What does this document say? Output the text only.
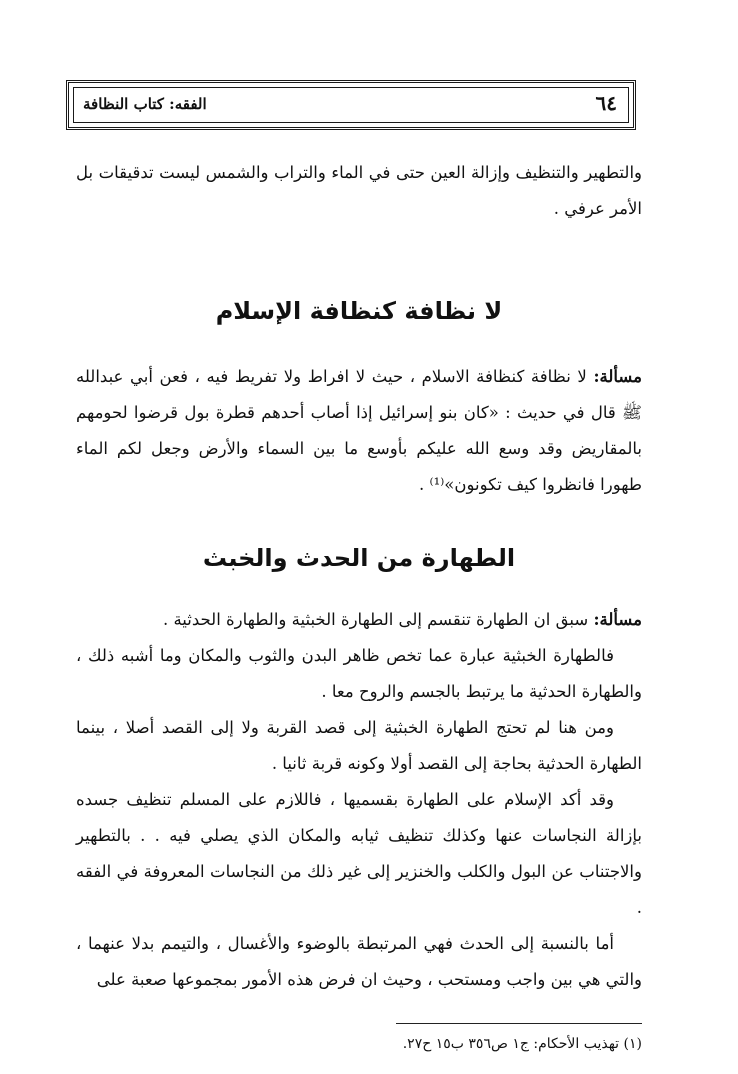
الفقه: كتاب النظافة	٦٤

والتطهير والتنظيف وإزالة العين حتى في الماء والتراب والشمس ليست تدقيقات بل الأمر عرفي .

لا نظافة كنظافة الإسلام

مسألة: لا نظافة كنظافة الاسلام ، حيث لا افراط ولا تفريط فيه ، فعن أبي عبدالله ﷺ قال في حديث : «كان بنو إسرائيل إذا أصاب أحدهم قطرة بول قرضوا لحومهم بالمقاريض وقد وسع الله عليكم بأوسع ما بين السماء والأرض وجعل لكم الماء طهورا فانظروا كيف تكونون»⁽¹⁾ .

الطهارة من الحدث والخبث

مسألة: سبق ان الطهارة تنقسم إلى الطهارة الخبثية والطهارة الحدثية .

فالطهارة الخبثية عبارة عما تخص ظاهر البدن والثوب والمكان وما أشبه ذلك ، والطهارة الحدثية ما يرتبط بالجسم والروح معا .

ومن هنا لم تحتج الطهارة الخبثية إلى قصد القربة ولا إلى القصد أصلا ، بينما الطهارة الحدثية بحاجة إلى القصد أولا وكونه قربة ثانيا .

وقد أكد الإسلام على الطهارة بقسميها ، فاللازم على المسلم تنظيف جسده بإزالة النجاسات عنها وكذلك تنظيف ثيابه والمكان الذي يصلي فيه . . بالتطهير والاجتناب عن البول والكلب والخنزير إلى غير ذلك من النجاسات المعروفة في الفقه .

أما بالنسبة إلى الحدث فهي المرتبطة بالوضوء والأغسال ، والتيمم بدلا عنهما ، والتي هي بين واجب ومستحب ، وحيث ان فرض هذه الأمور بمجموعها صعبة على

(١) تهذيب الأحكام: ج١ ص٣٥٦ ب١٥ ح٢٧.
